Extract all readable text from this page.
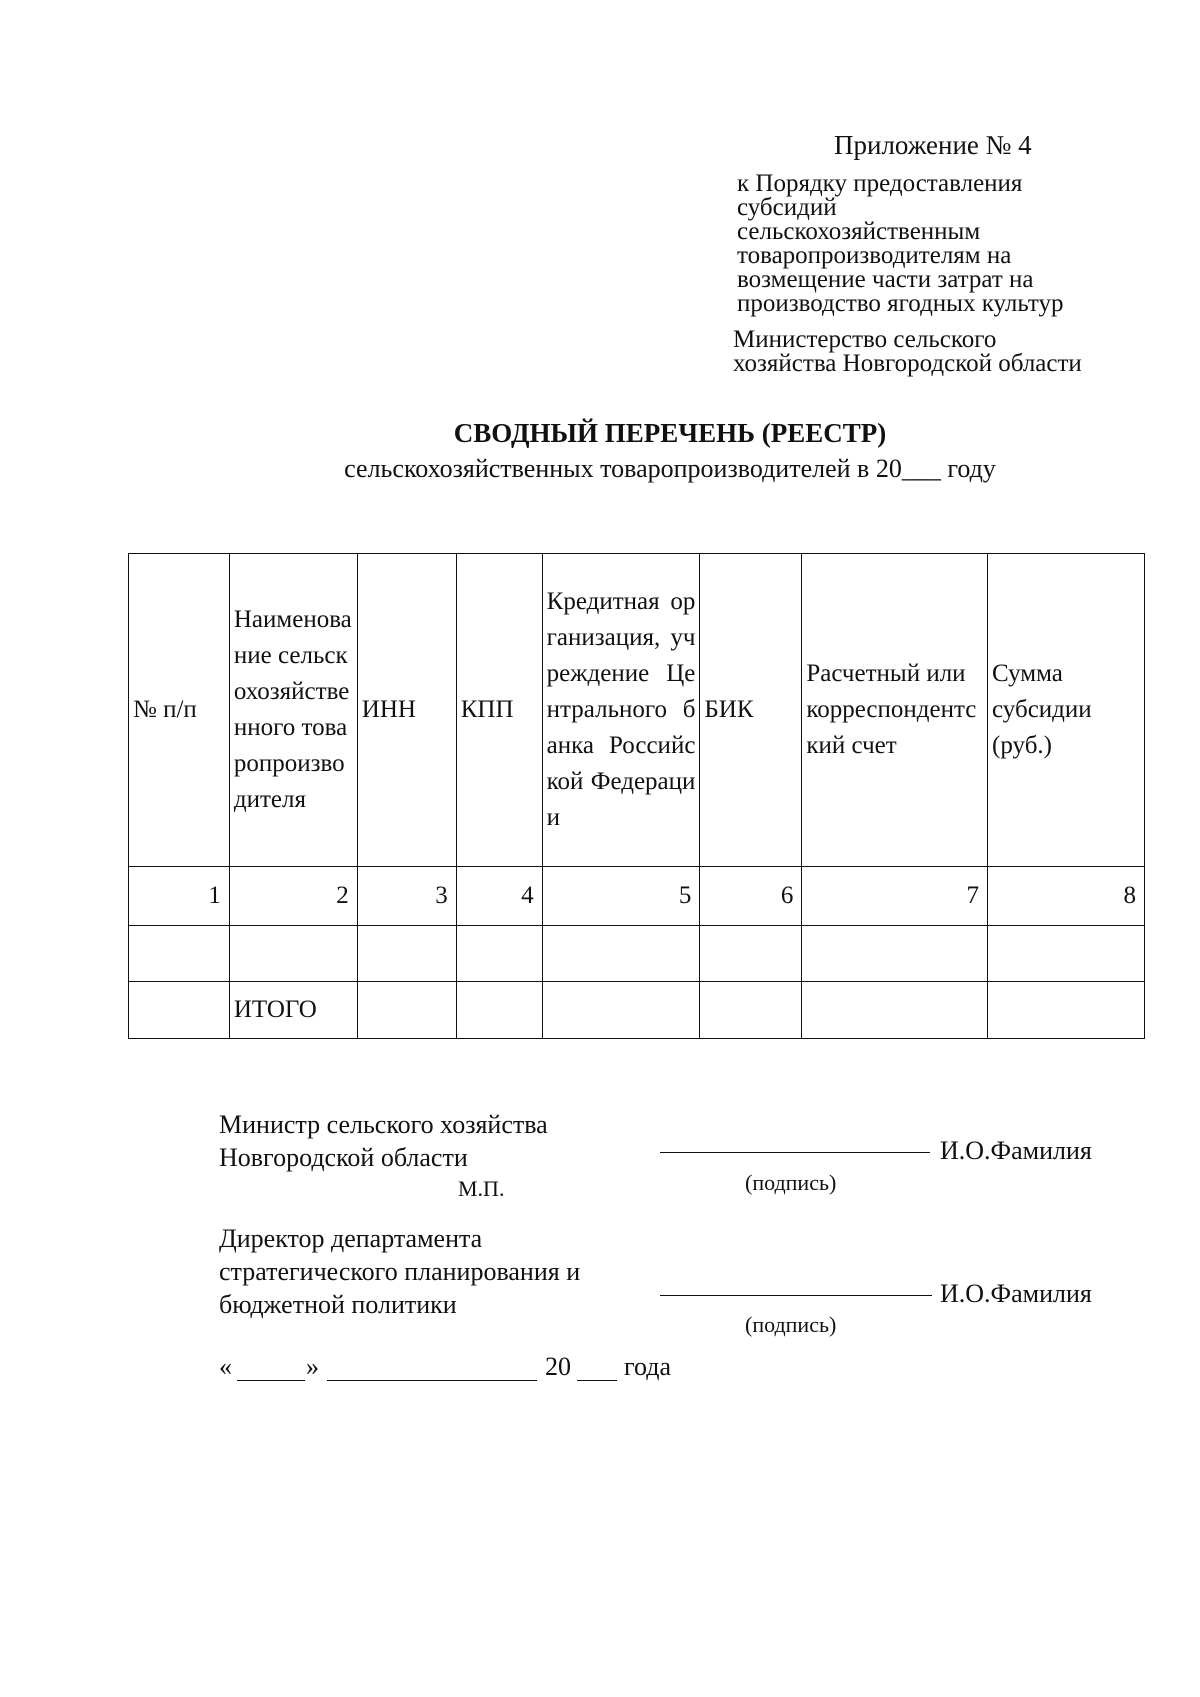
Приложение № 4
к Порядку предоставления
субсидий
сельскохозяйственным
товаропроизводителям на
возмещение части затрат на
производство ягодных культур
Министерство сельского
хозяйства Новгородской области
СВОДНЫЙ ПЕРЕЧЕНЬ (РЕЕСТР)
сельскохозяйственных товаропроизводителей в 20___ году
№ п/п	Наименование сельскохозяйственного товаропроизводителя	ИНН	КПП	Кредитная организация, учреждение Центрального банка Российской Федерации	БИК	Расчетный или корреспондентский счет	Сумма субсидии (руб.)
1	2	3	4	5	6	7	8

	ИТОГО						
Министр сельского хозяйства
Новгородской области
М.П.
И.О.Фамилия
(подпись)
Директор департамента
стратегического планирования и
бюджетной политики	И.О.Фамилия
(подпись)
«	»	20 года
